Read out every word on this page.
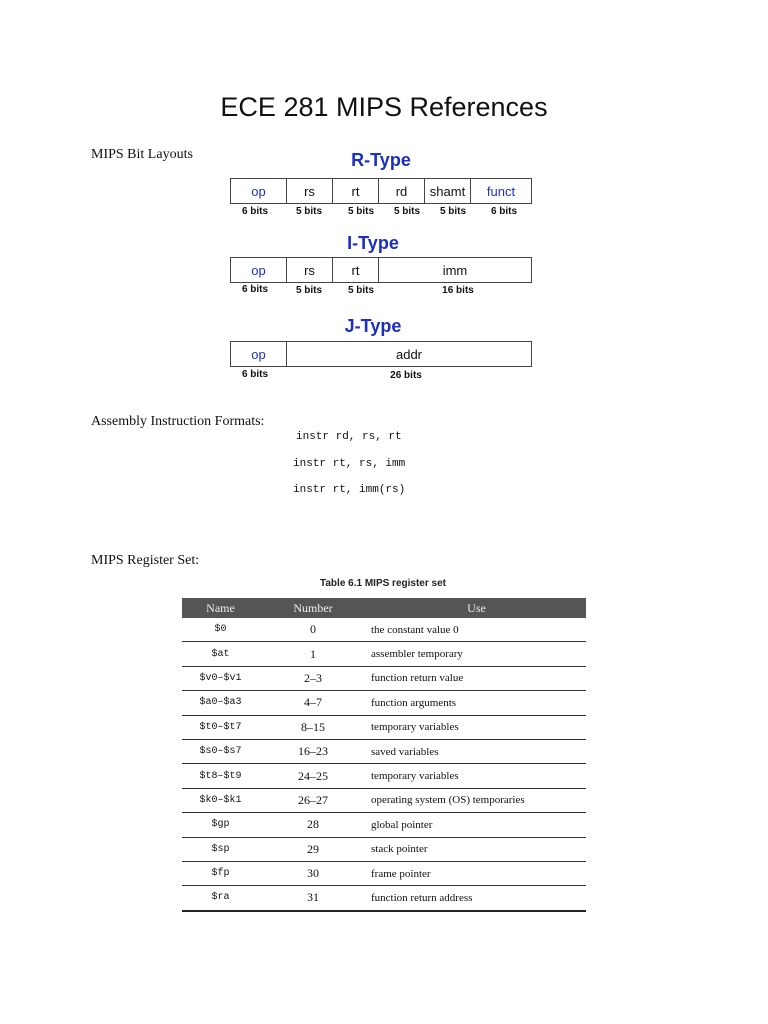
ECE 281 MIPS References
MIPS Bit Layouts	R-Type
op	rs	rt	rd	shamt	funct
6 bits	5 bits	5 bits	5 bits	5 bits	6 bits
I-Type
op	rs	rt	imm
6 bits	5 bits	5 bits	16 bits
J-Type
op	addr
6 bits	26 bits
Assembly Instruction Formats:
instr rd, rs, rt
instr rt, rs, imm
instr rt, imm(rs)
MIPS Register Set:
Table 6.1 MIPS register set
Name	Number	Use
$0	0	the constant value 0
$at	1	assembler temporary
$v0–$v1	2–3	function return value
$a0–$a3	4–7	function arguments
$t0–$t7	8–15	temporary variables
$s0–$s7	16–23	saved variables
$t8–$t9	24–25	temporary variables
$k0–$k1	26–27	operating system (OS) temporaries
$gp	28	global pointer
$sp	29	stack pointer
$fp	30	frame pointer
$ra	31	function return address
